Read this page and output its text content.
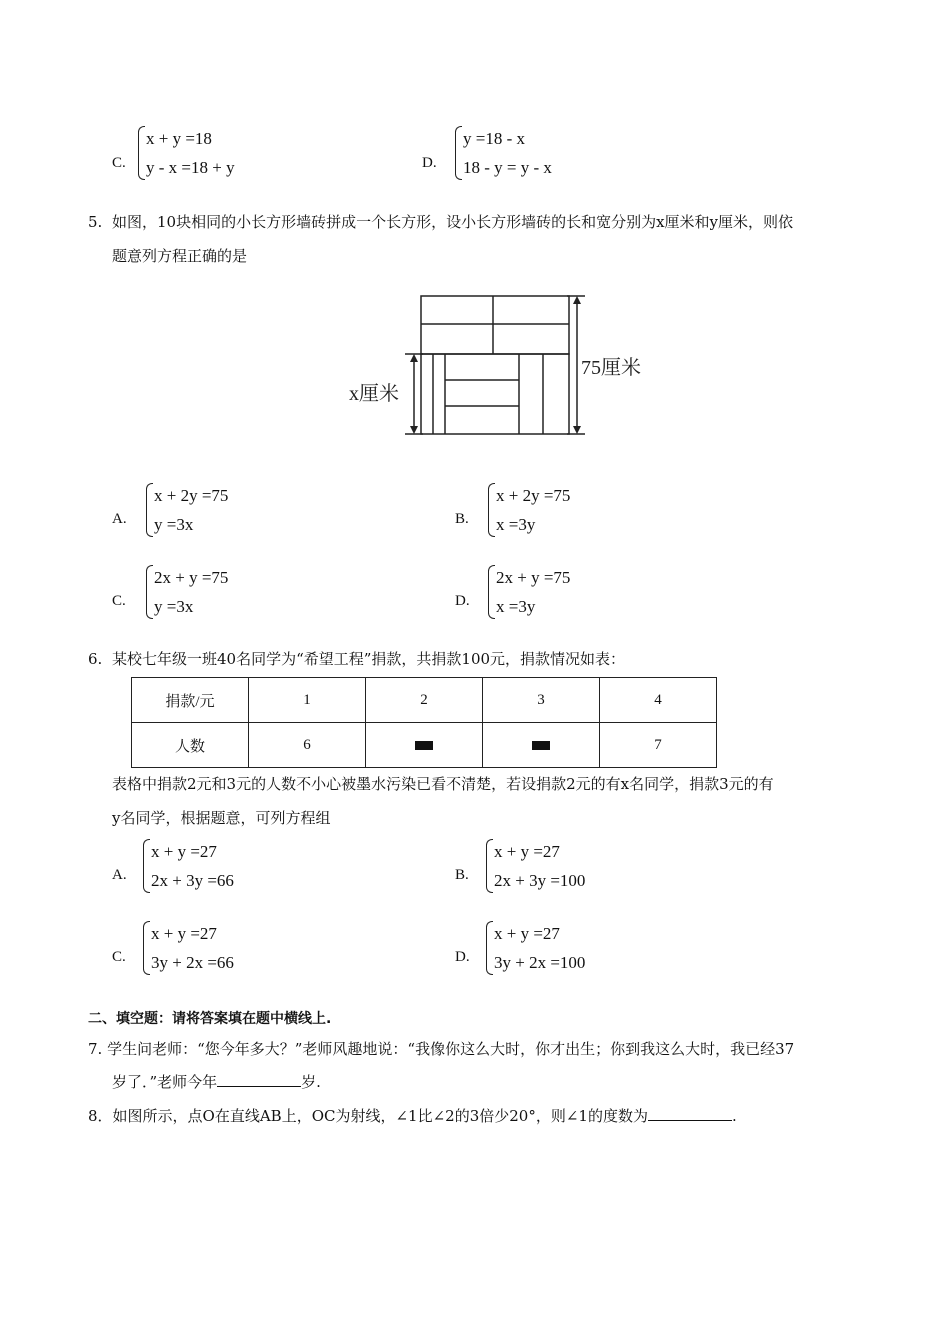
C.
x + y =18
y - x =18 + y	D.
y =18 - x
18 - y = y - x
5. 如图，10块相同的小长方形墙砖拼成一个长方形，设小长方形墙砖的长和宽分别为x厘米和y厘米，则依
题意列方程正确的是
x厘米
75厘米
A.
x + 2y =75
y =3x	B.
x + 2y =75
x =3y
C.
2x + y =75
y =3x	D.
2x + y =75
x =3y
6. 某校七年级一班40名同学为“希望工程”捐款，共捐款100元，捐款情况如表：
捐款/元	1	2	3	4
人数	6			7
表格中捐款2元和3元的人数不小心被墨水污染已看不清楚，若设捐款2元的有x名同学，捐款3元的有
y名同学，根据题意，可列方程组
A.
x + y =27
2x + 3y =66	B.
x + y =27
2x + 3y =100
C.
x + y =27
3y + 2x =66	D.
x + y =27
3y + 2x =100
二、填空题：请将答案填在题中横线上.
7. 学生问老师：“您今年多大？”老师风趣地说：“我像你这么大时，你才出生；你到我这么大时，我已经37
岁了．”老师今年	岁.
8．如图所示，点O在直线AB上，OC为射线，∠1比∠2的3倍少20°，则∠1的度数为	.
